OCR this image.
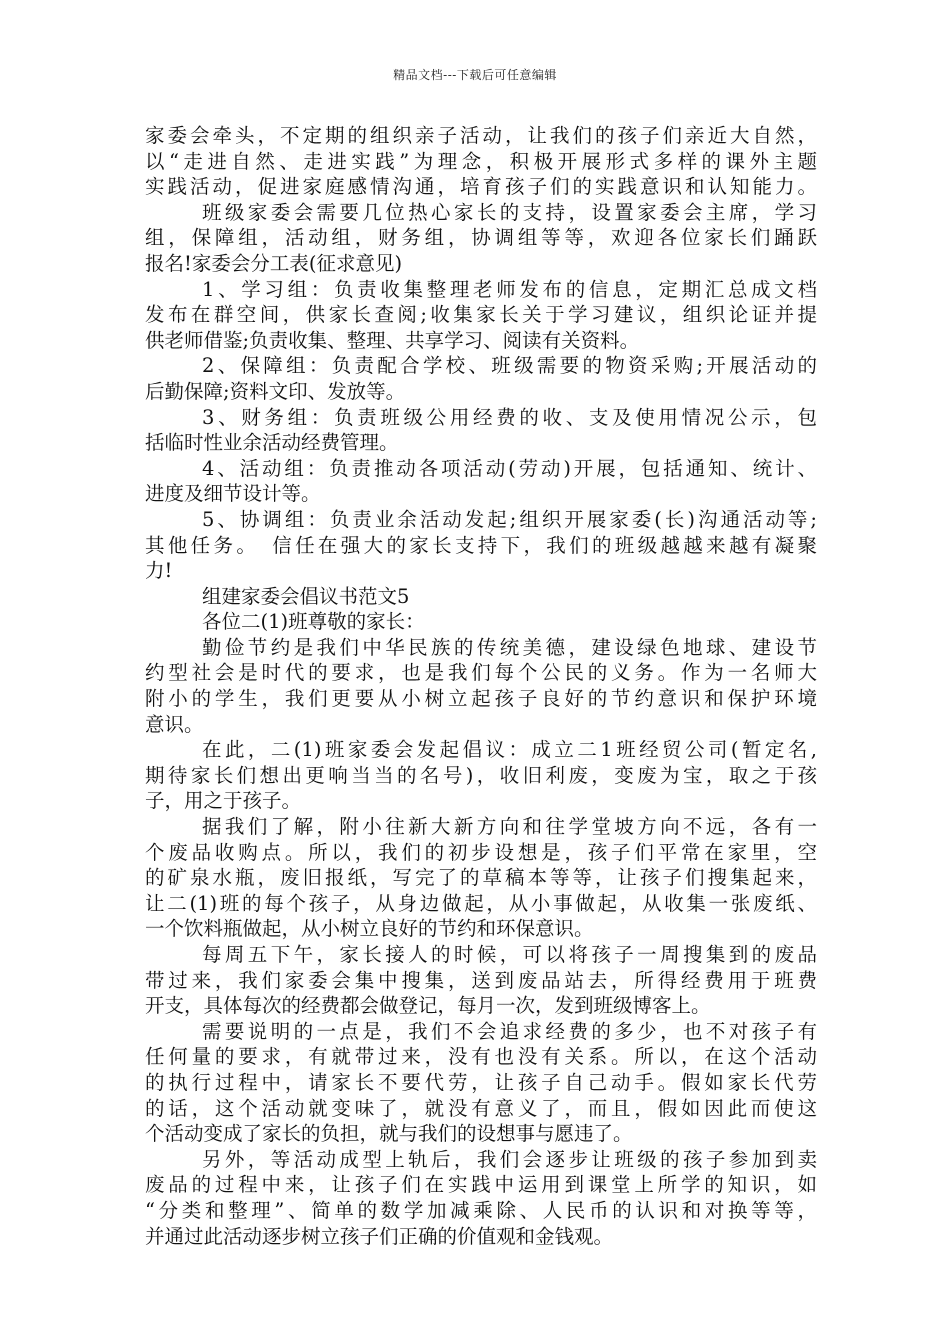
精品文档---下载后可任意编辑
家委会牵头，不定期的组织亲子活动，让我们的孩子们亲近大自然，
以“走进自然、走进实践”为理念，积极开展形式多样的课外主题
实践活动，促进家庭感情沟通，培育孩子们的实践意识和认知能力。
班级家委会需要几位热心家长的支持，设置家委会主席，学习
组，保障组，活动组，财务组，协调组等等，欢迎各位家长们踊跃
报名!家委会分工表(征求意见)
1、学习组：负责收集整理老师发布的信息，定期汇总成文档
发布在群空间，供家长查阅;收集家长关于学习建议，组织论证并提
供老师借鉴;负责收集、整理、共享学习、阅读有关资料。
2、保障组：负责配合学校、班级需要的物资采购;开展活动的
后勤保障;资料文印、发放等。
3、财务组：负责班级公用经费的收、支及使用情况公示，包
括临时性业余活动经费管理。
4、活动组：负责推动各项活动(劳动)开展，包括通知、统计、
进度及细节设计等。
5、协调组：负责业余活动发起;组织开展家委(长)沟通活动等;
其他任务。　信任在强大的家长支持下，我们的班级越越来越有凝聚
力!
组建家委会倡议书范文5
各位二(1)班尊敬的家长：
勤俭节约是我们中华民族的传统美德，建设绿色地球、建设节
约型社会是时代的要求，也是我们每个公民的义务。作为一名师大
附小的学生，我们更要从小树立起孩子良好的节约意识和保护环境
意识。
在此，二(1)班家委会发起倡议：成立二1班经贸公司(暂定名,
期待家长们想出更响当当的名号)，收旧利废，变废为宝，取之于孩
子，用之于孩子。
据我们了解，附小往新大新方向和往学堂坡方向不远，各有一
个废品收购点。所以，我们的初步设想是，孩子们平常在家里，空
的矿泉水瓶，废旧报纸，写完了的草稿本等等，让孩子们搜集起来，
让二(1)班的每个孩子，从身边做起，从小事做起，从收集一张废纸、
一个饮料瓶做起，从小树立良好的节约和环保意识。
每周五下午，家长接人的时候，可以将孩子一周搜集到的废品
带过来，我们家委会集中搜集，送到废品站去，所得经费用于班费
开支，具体每次的经费都会做登记，每月一次，发到班级博客上。
需要说明的一点是，我们不会追求经费的多少，也不对孩子有
任何量的要求，有就带过来，没有也没有关系。所以，在这个活动
的执行过程中，请家长不要代劳，让孩子自己动手。假如家长代劳
的话，这个活动就变味了，就没有意义了，而且，假如因此而使这
个活动变成了家长的负担，就与我们的设想事与愿违了。
另外，等活动成型上轨后，我们会逐步让班级的孩子参加到卖
废品的过程中来，让孩子们在实践中运用到课堂上所学的知识，如
“分类和整理”、简单的数学加减乘除、人民币的认识和对换等等，
并通过此活动逐步树立孩子们正确的价值观和金钱观。
